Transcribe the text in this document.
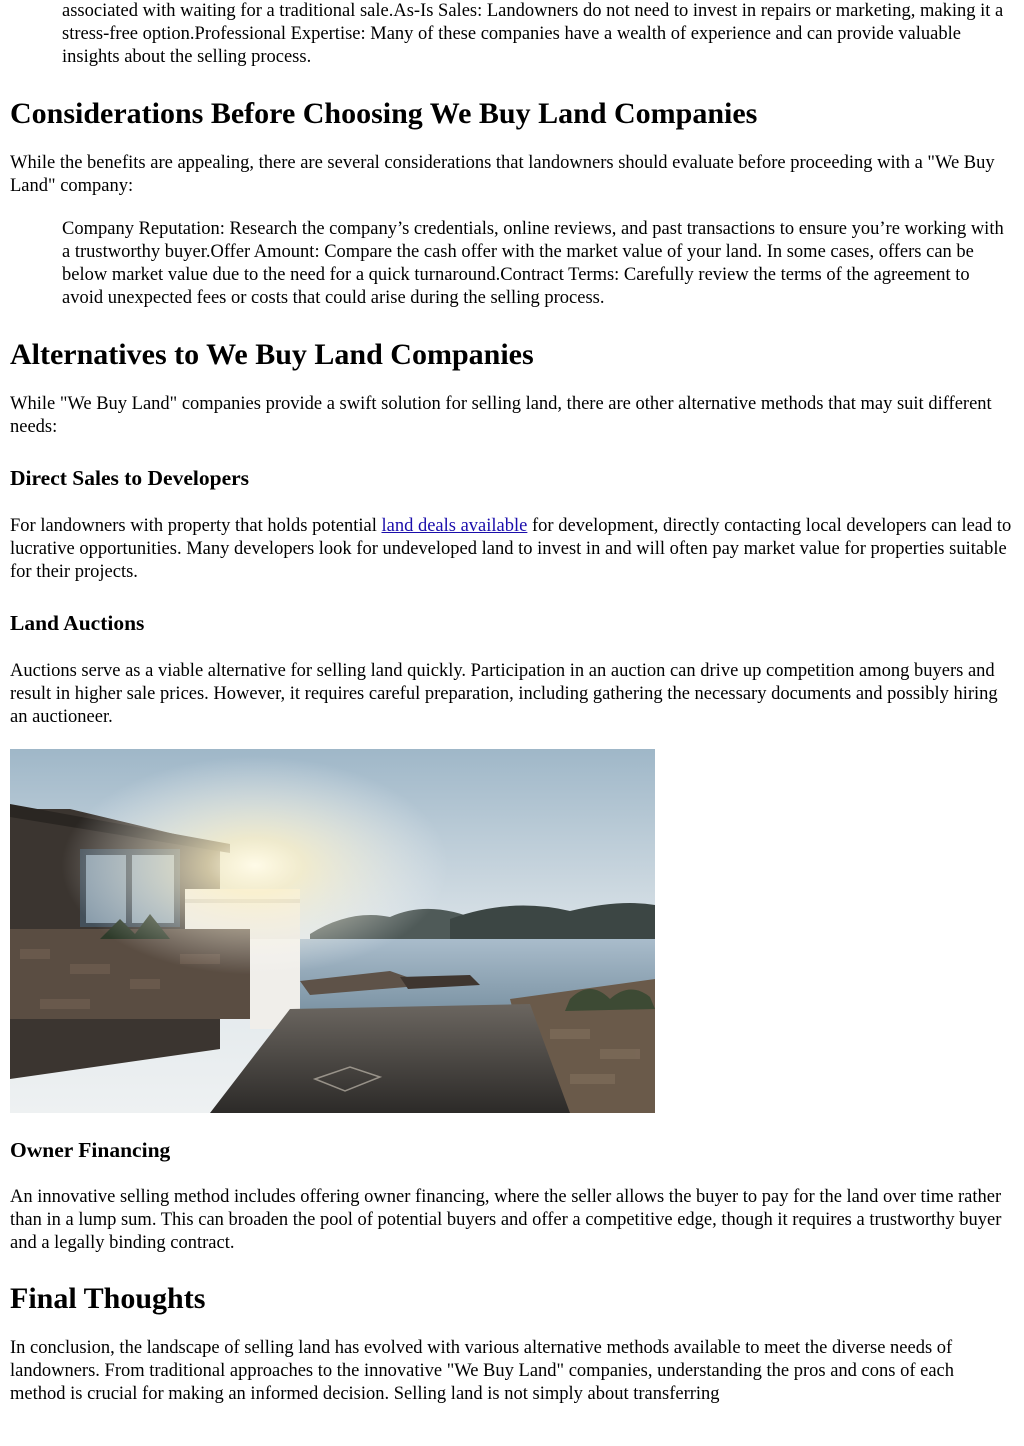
associated with waiting for a traditional sale.As-Is Sales: Landowners do not need to invest in repairs or marketing, making it a stress-free option.Professional Expertise: Many of these companies have a wealth of experience and can provide valuable insights about the selling process.
Considerations Before Choosing We Buy Land Companies

While the benefits are appealing, there are several considerations that landowners should evaluate before proceeding with a "We Buy Land" company:

Company Reputation: Research the company’s credentials, online reviews, and past transactions to ensure you’re working with a trustworthy buyer.Offer Amount: Compare the cash offer with the market value of your land. In some cases, offers can be below market value due to the need for a quick turnaround.Contract Terms: Carefully review the terms of the agreement to avoid unexpected fees or costs that could arise during the selling process.
Alternatives to We Buy Land Companies

While "We Buy Land" companies provide a swift solution for selling land, there are other alternative methods that may suit different needs:

Direct Sales to Developers

For landowners with property that holds potential land deals available for development, directly contacting local developers can lead to lucrative opportunities. Many developers look for undeveloped land to invest in and will often pay market value for properties suitable for their projects.

Land Auctions

Auctions serve as a viable alternative for selling land quickly. Participation in an auction can drive up competition among buyers and result in higher sale prices. However, it requires careful preparation, including gathering the necessary documents and possibly hiring an auctioneer.

Owner Financing

An innovative selling method includes offering owner financing, where the seller allows the buyer to pay for the land over time rather than in a lump sum. This can broaden the pool of potential buyers and offer a competitive edge, though it requires a trustworthy buyer and a legally binding contract.

Final Thoughts

In conclusion, the landscape of selling land has evolved with various alternative methods available to meet the diverse needs of landowners. From traditional approaches to the innovative "We Buy Land" companies, understanding the pros and cons of each method is crucial for making an informed decision. Selling land is not simply about transferring
